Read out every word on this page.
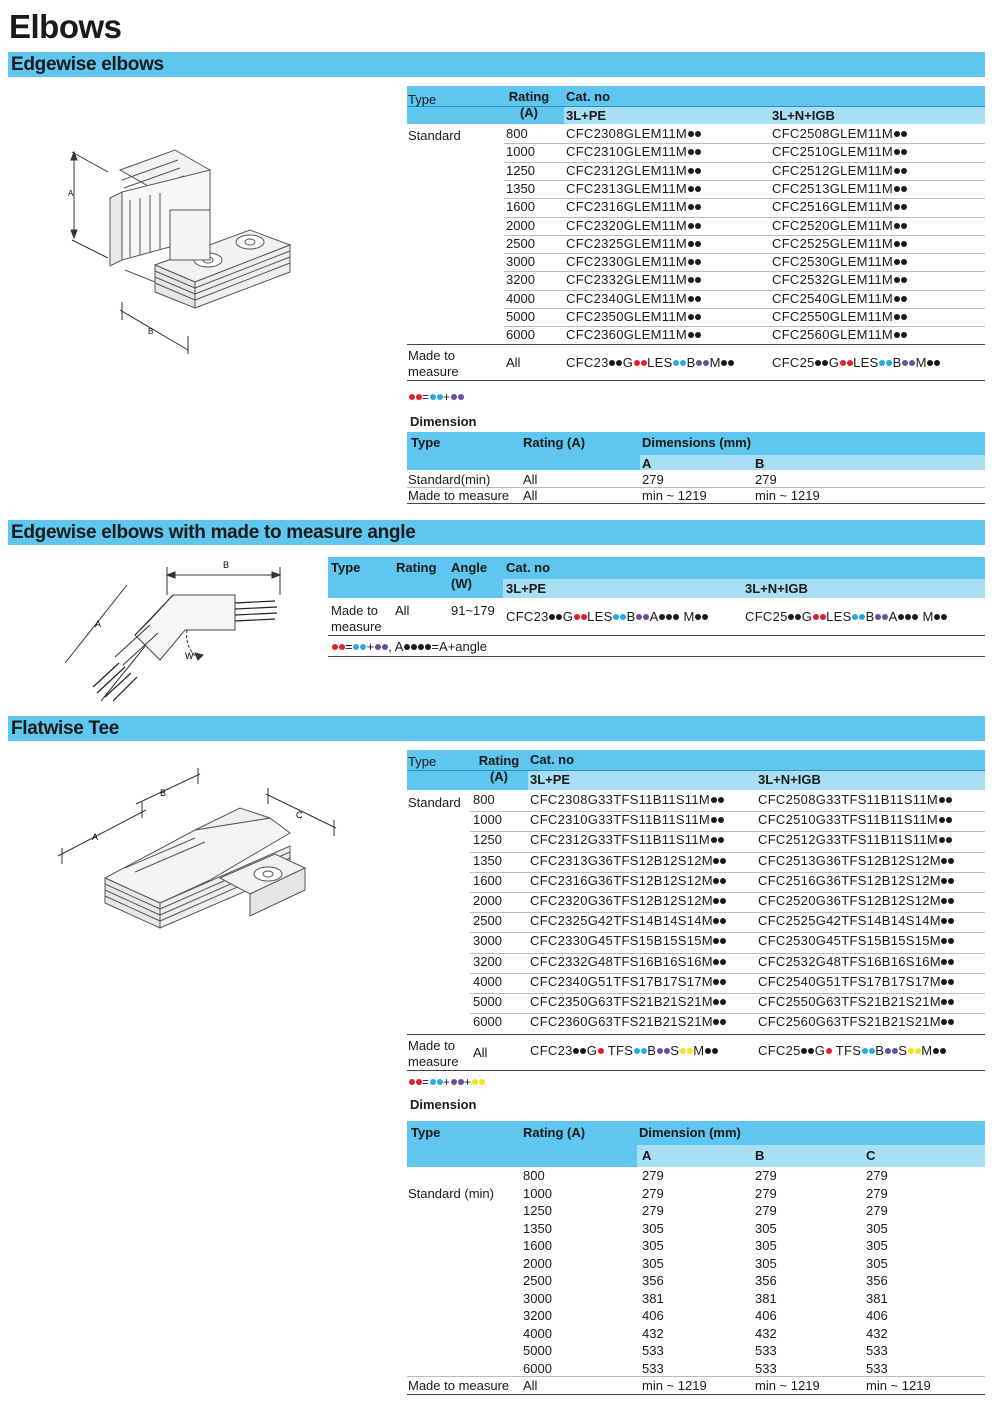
Elbows
Edgewise elbows
Edgewise elbows with made to measure angle
Flatwise Tee
A
B
Type	Rating
(A)
Cat. no
3L+PE	3L+N+IGB
Standard	800	CFC2308GLEM11M	CFC2508GLEM11M
1000 CFC2310GLEM11M	CFC2510GLEM11M
1250 CFC2312GLEM11M	CFC2512GLEM11M
1350 CFC2313GLEM11M	CFC2513GLEM11M
1600 CFC2316GLEM11M	CFC2516GLEM11M
2000 CFC2320GLEM11M	CFC2520GLEM11M
2500 CFC2325GLEM11M	CFC2525GLEM11M
3000 CFC2330GLEM11M	CFC2530GLEM11M
3200 CFC2332GLEM11M	CFC2532GLEM11M
4000 CFC2340GLEM11M	CFC2540GLEM11M
5000 CFC2350GLEM11M	CFC2550GLEM11M
6000 CFC2360GLEM11M	CFC2560GLEM11M
Made to
measure
All	CFC23 G LES B M	CFC25 G LES B M
= +
Dimension
Type	Rating (A)	Dimensions (mm)
A	B
Standard(min)	All	279	279
Made to measure All	min ~ 1219	min ~ 1219
B
A
W
Type	Rating Angle
(W)
Cat. no
3L+PE	3L+N+IGB
Made to
measure
All	91~179 CFC23 G LES B A M	CFC25 G LES B A M
= + , A =A+angle
A
B
C
Type	Rating
(A)
Cat. no
3L+PE	3L+N+IGB
Standard 800	CFC2308G33TFS11B11S11M	CFC2508G33TFS11B11S11M
1000 CFC2310G33TFS11B11S11M	CFC2510G33TFS11B11S11M
1250 CFC2312G33TFS11B11S11M	CFC2512G33TFS11B11S11M
1350 CFC2313G36TFS12B12S12M	CFC2513G36TFS12B12S12M
1600 CFC2316G36TFS12B12S12M	CFC2516G36TFS12B12S12M
2000 CFC2320G36TFS12B12S12M	CFC2520G36TFS12B12S12M
2500 CFC2325G42TFS14B14S14M	CFC2525G42TFS14B14S14M
3000 CFC2330G45TFS15B15S15M	CFC2530G45TFS15B15S15M
3200 CFC2332G48TFS16B16S16M	CFC2532G48TFS16B16S16M
4000 CFC2340G51TFS17B17S17M	CFC2540G51TFS17B17S17M
5000 CFC2350G63TFS21B21S21M	CFC2550G63TFS21B21S21M
6000 CFC2360G63TFS21B21S21M	CFC2560G63TFS21B21S21M
Made to
measure
All	CFC23 G TFS B S M	CFC25 G TFS B S M
= + +
Dimension
Type	Rating (A)	Dimension (mm)
A	B	C
Standard (min)
800	279	279	279
1000	279	279	279
1250	279	279	279
1350	305	305	305
1600	305	305	305
2000	305	305	305
2500	356	356	356
3000	381	381	381
3200	406	406	406
4000	432	432	432
5000	533	533	533
6000	533	533	533
Made to measure All	min ~ 1219	min ~ 1219	min ~ 1219
